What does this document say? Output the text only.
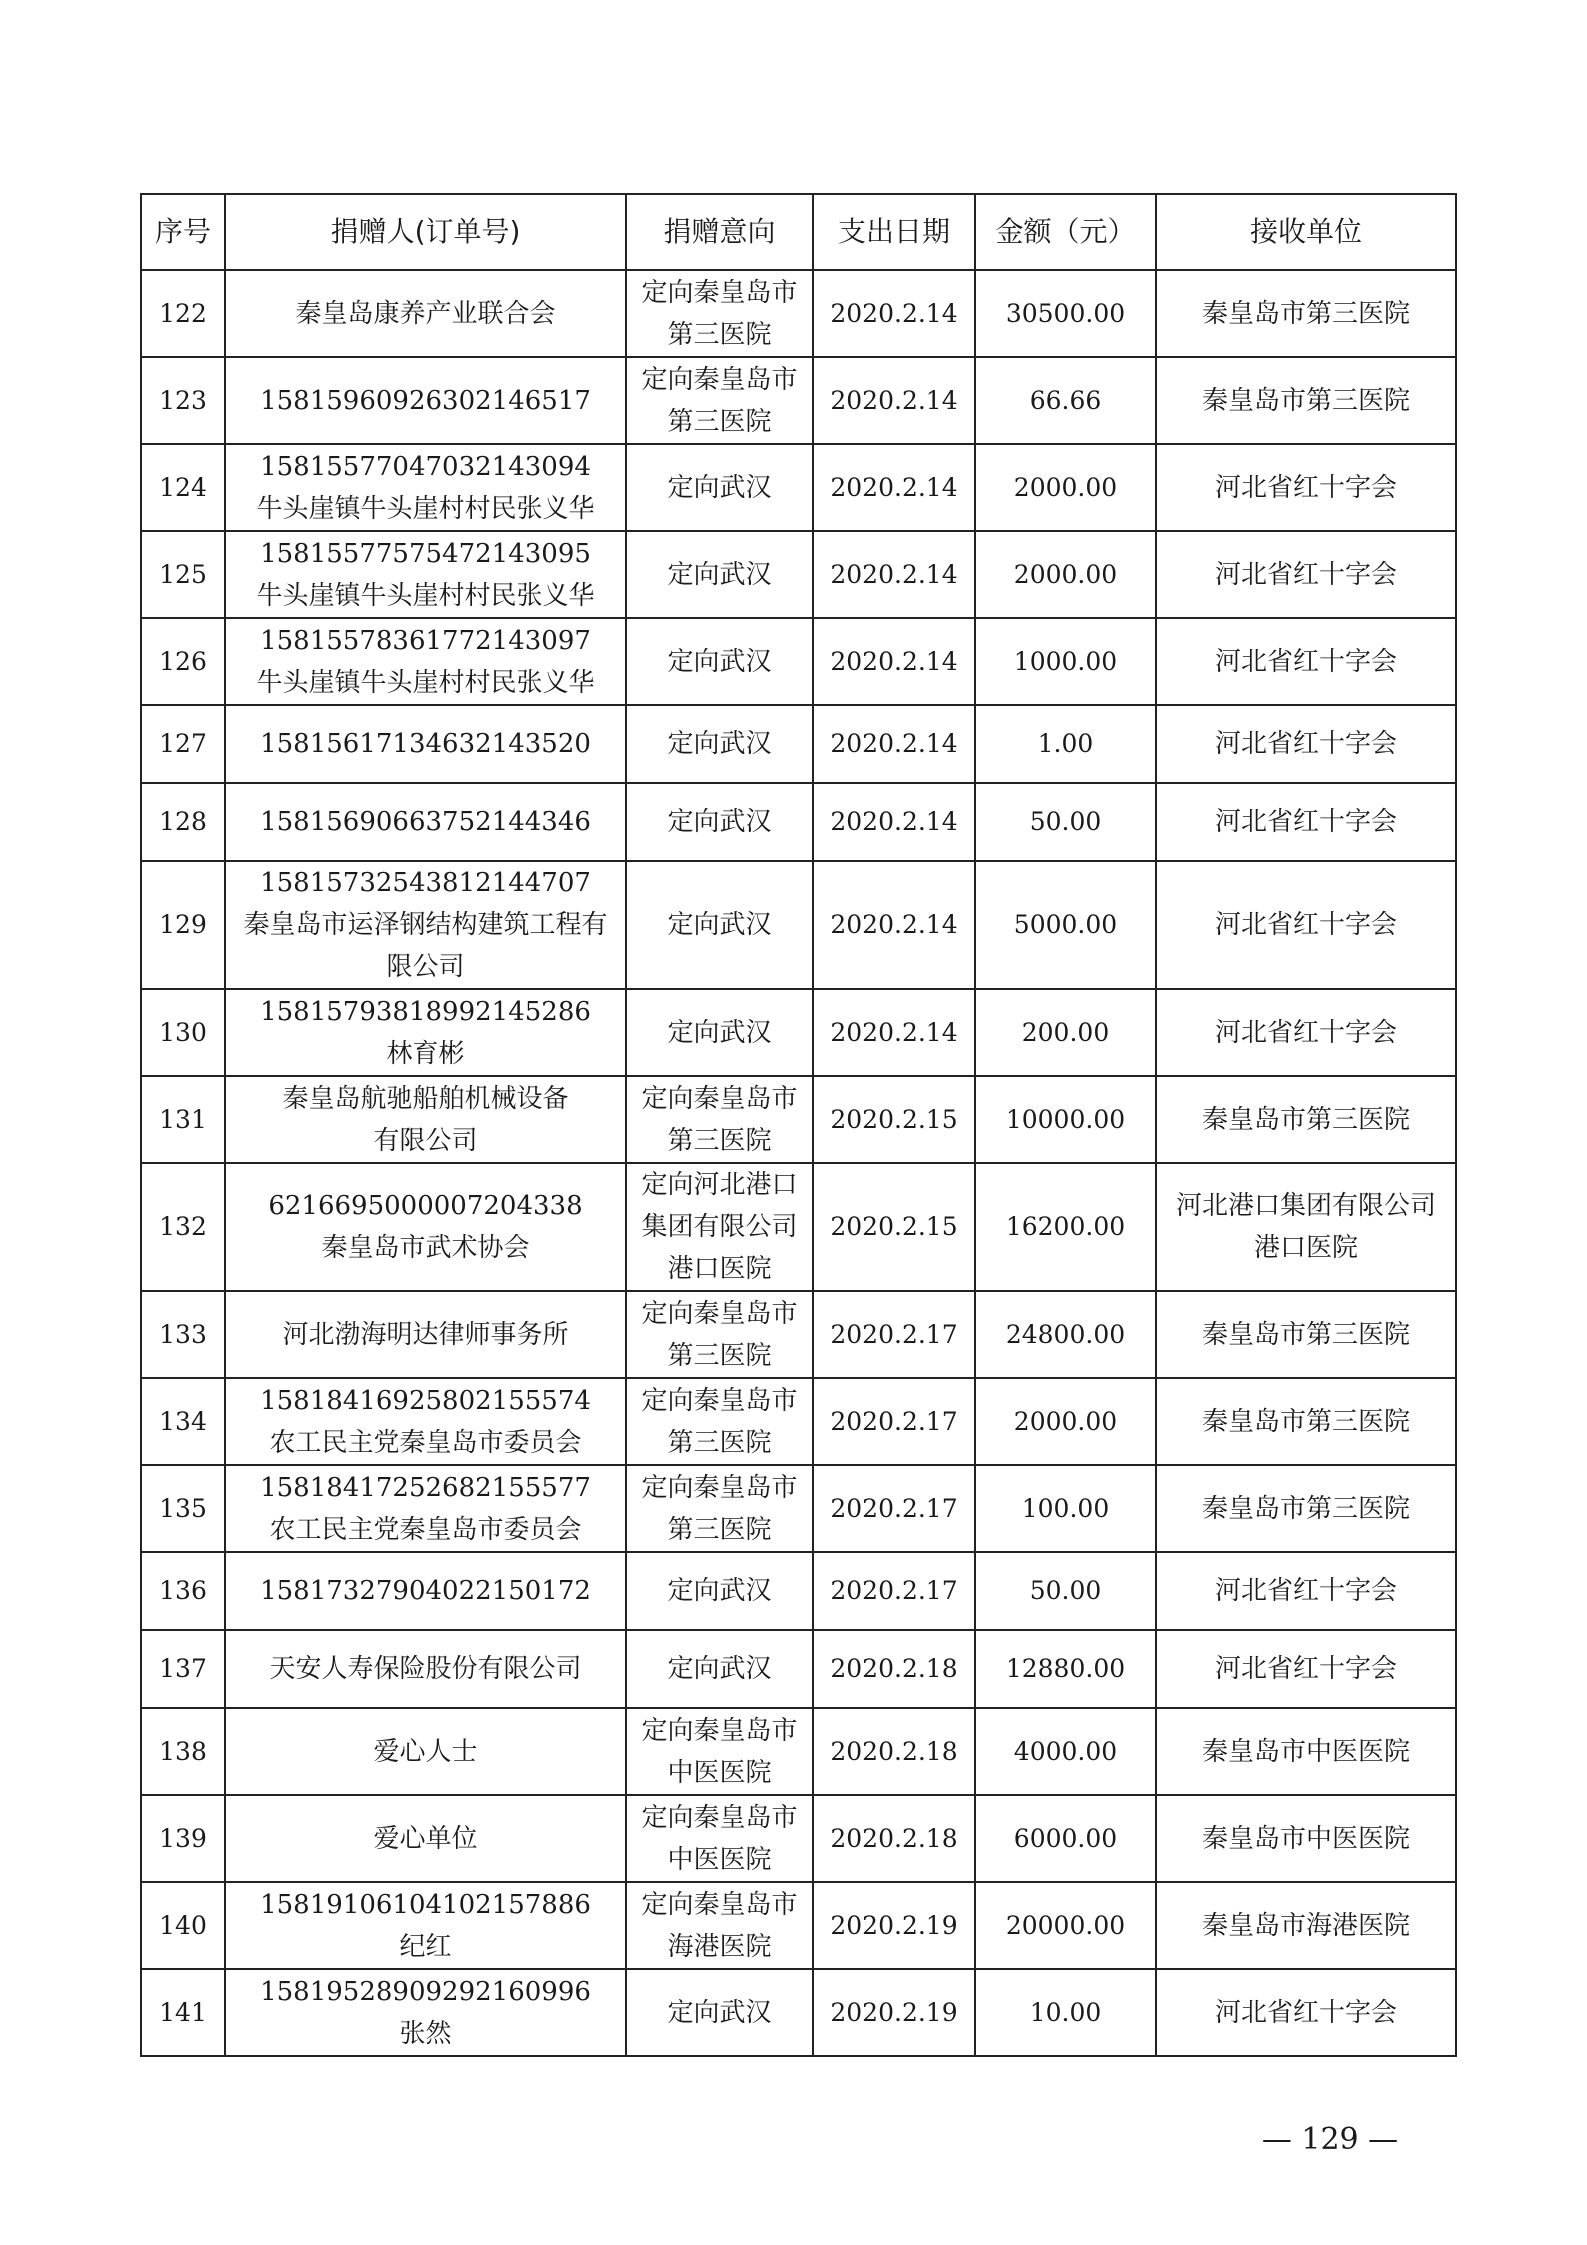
序号	捐赠人(订单号)	捐赠意向	支出日期	金额（元）	接收单位
122	秦皇岛康养产业联合会	定向秦皇岛市
第三医院	2020.2.14	30500.00	秦皇岛市第三医院

123	15815960926302146517	定向秦皇岛市
第三医院	2020.2.14	66.66	秦皇岛市第三医院

124	15815577047032143094
牛头崖镇牛头崖村村民张义华	定向武汉	2020.2.14	2000.00	河北省红十字会

125	15815577575472143095
牛头崖镇牛头崖村村民张义华	定向武汉	2020.2.14	2000.00	河北省红十字会

126	15815578361772143097
牛头崖镇牛头崖村村民张义华	定向武汉	2020.2.14	1000.00	河北省红十字会

127	15815617134632143520	定向武汉	2020.2.14	1.00	河北省红十字会

128	15815690663752144346	定向武汉	2020.2.14	50.00	河北省红十字会

129	15815732543812144707
秦皇岛市运泽钢结构建筑工程有
限公司	定向武汉	2020.2.14	5000.00	河北省红十字会

130	15815793818992145286
林育彬	定向武汉	2020.2.14	200.00	河北省红十字会

131	秦皇岛航驰船舶机械设备
有限公司	定向秦皇岛市
第三医院	2020.2.15	10000.00	秦皇岛市第三医院

132	6216695000007204338
秦皇岛市武术协会	定向河北港口
集团有限公司
港口医院	2020.2.15	16200.00	河北港口集团有限公司
港口医院

133	河北渤海明达律师事务所	定向秦皇岛市
第三医院	2020.2.17	24800.00	秦皇岛市第三医院

134	15818416925802155574
农工民主党秦皇岛市委员会	定向秦皇岛市
第三医院	2020.2.17	2000.00	秦皇岛市第三医院

135	15818417252682155577
农工民主党秦皇岛市委员会	定向秦皇岛市
第三医院	2020.2.17	100.00	秦皇岛市第三医院

136	15817327904022150172	定向武汉	2020.2.17	50.00	河北省红十字会

137	天安人寿保险股份有限公司	定向武汉	2020.2.18	12880.00	河北省红十字会

138	爱心人士	定向秦皇岛市
中医医院	2020.2.18	4000.00	秦皇岛市中医医院

139	爱心单位	定向秦皇岛市
中医医院	2020.2.18	6000.00	秦皇岛市中医医院

140	15819106104102157886
纪红	定向秦皇岛市
海港医院	2020.2.19	20000.00	秦皇岛市海港医院

141	15819528909292160996
张然	定向武汉	2020.2.19	10.00	河北省红十字会
— 129 —
